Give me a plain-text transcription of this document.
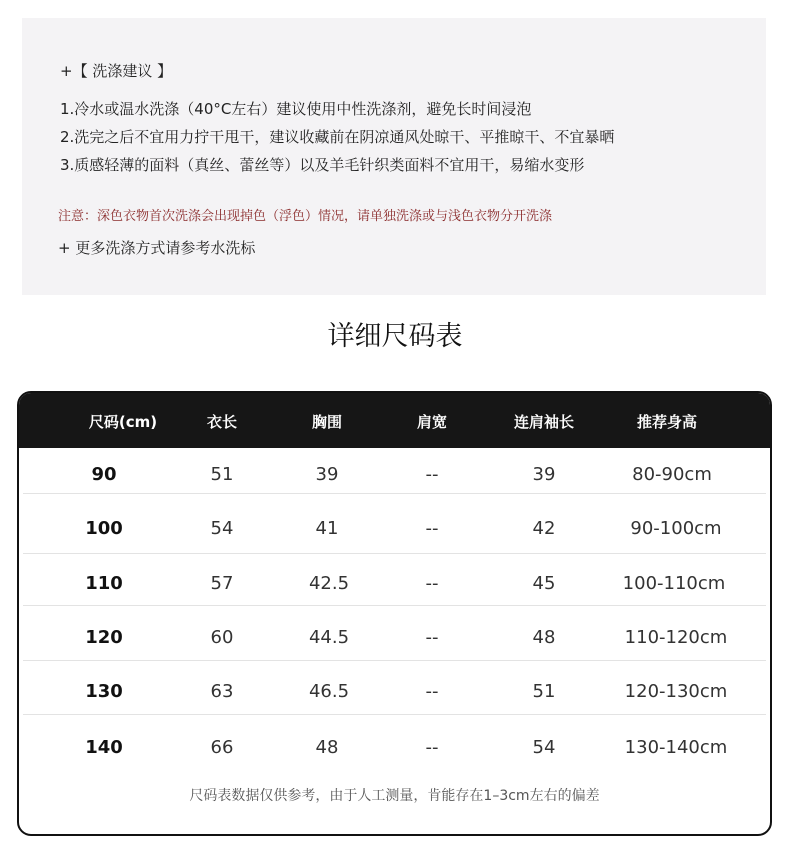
+【 洗涤建议 】
1.冷水或温水洗涤（40°C左右）建议使用中性洗涤剂，避免长时间浸泡
2.洗完之后不宜用力拧干甩干，建议收藏前在阴凉通风处晾干、平推晾干、不宜暴晒
3.质感轻薄的面料（真丝、蕾丝等）以及羊毛针织类面料不宜用干，易缩水变形
注意：深色衣物首次洗涤会出现掉色（浮色）情况，请单独洗涤或与浅色衣物分开洗涤
+ 更多洗涤方式请参考水洗标
详细尺码表
尺码(cm)	衣长	胸围	肩宽	连肩袖长	推荐身高
90	51	39	--	39	80-90cm
100	54	41	--	42	90-100cm
110	57	42.5	--	45	100-110cm
120	60	44.5	--	48	110-120cm
130	63	46.5	--	51	120-130cm
140	66	48	--	54	130-140cm
尺码表数据仅供参考，由于人工测量，肯能存在1–3cm左右的偏差
